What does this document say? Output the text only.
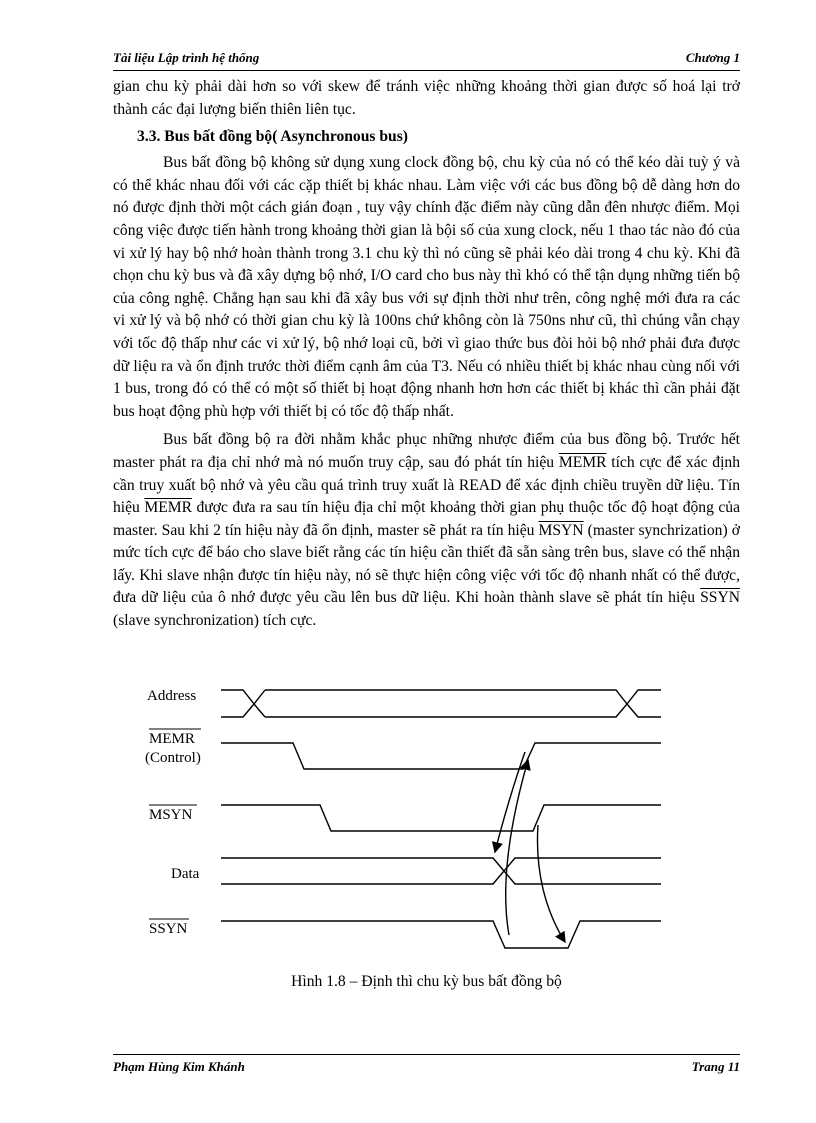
Tài liệu Lập trình hệ thống	Chương 1

gian chu kỳ phải dài hơn so với skew để tránh việc những khoảng thời gian được số hoá lại trở thành các đại lượng biến thiên liên tục.

3.3. Bus bất đồng bộ( Asynchronous bus)

Bus bất đồng bộ không sử dụng xung clock đồng bộ, chu kỳ của nó có thể kéo dài tuỳ ý và có thể khác nhau đối với các cặp thiết bị khác nhau. Làm việc với các bus đồng bộ dễ dàng hơn do nó được định thời một cách gián đoạn , tuy vậy chính đặc điểm này cũng dẫn đên nhược điểm. Mọi công việc được tiến hành trong khoảng thời gian là bội số của xung clock, nếu 1 thao tác nào đó của vi xử lý hay bộ nhớ hoàn thành trong 3.1 chu kỳ thì nó cũng sẽ phải kéo dài trong 4 chu kỳ. Khi đã chọn chu kỳ bus và đã xây dựng bộ nhớ, I/O card cho bus này thì khó có thể tận dụng những tiến bộ của công nghệ. Chẳng hạn sau khi đã xây bus với sự định thời như trên, công nghệ mới đưa ra các vi xử lý và bộ nhớ có thời gian chu kỳ là 100ns chứ không còn là 750ns như cũ, thì chúng vẫn chạy với tốc độ thấp như các vi xử lý, bộ nhớ loại cũ, bởi vì giao thức bus đòi hỏi bộ nhớ phải đưa được dữ liệu ra và ổn định trước thời điểm cạnh âm của T3. Nếu có nhiều thiết bị khác nhau cùng nối với 1 bus, trong đó có thể có một số thiết bị hoạt động nhanh hơn hơn các thiết bị khác thì cần phải đặt bus hoạt động phù hợp với thiết bị có tốc độ thấp nhất.

Bus bất đồng bộ ra đời nhằm khắc phục những nhược điểm của bus đồng bộ. Trước hết master phát ra địa chỉ nhớ mà nó muốn truy cập, sau đó phát tín hiệu MEMR tích cực để xác định cần truy xuất bộ nhớ và yêu cầu quá trình truy xuất là READ để xác định chiều truyền dữ liệu. Tín hiệu MEMR được đưa ra sau tín hiệu địa chỉ một khoảng thời gian phụ thuộc tốc độ hoạt động của master. Sau khi 2 tín hiệu này đã ổn định, master sẽ phát ra tín hiệu MSYN (master synchrization) ở mức tích cực để báo cho slave biết rằng các tín hiệu cần thiết đã sẵn sàng trên bus, slave có thể nhận lấy. Khi slave nhận được tín hiệu này, nó sẽ thực hiện công việc với tốc độ nhanh nhất có thể được, đưa dữ liệu của ô nhớ được yêu cầu lên bus dữ liệu. Khi hoàn thành slave sẽ phát tín hiệu SSYN (slave synchronization) tích cực.

Address
MEMR
(Control)
MSYN
Data
SSYN
Hình 1.8 – Định thì chu kỳ bus bất đồng bộ
Phạm Hùng Kim Khánh	Trang 11
